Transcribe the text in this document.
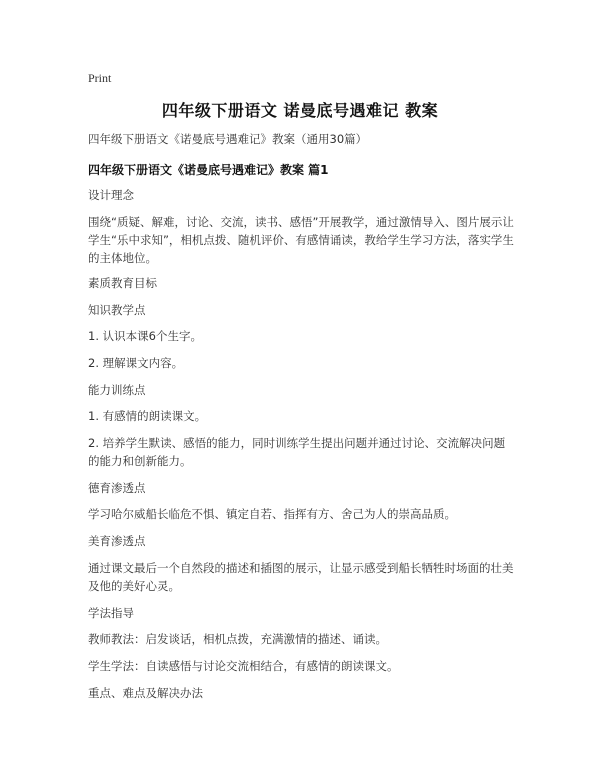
Print
四年级下册语文 诺曼底号遇难记 教案
四年级下册语文《诺曼底号遇难记》教案（通用30篇）
四年级下册语文《诺曼底号遇难记》教案 篇1
设计理念
围绕“质疑、解难，讨论、交流，读书、感悟”开展教学，通过激情导入、图片展示让学生“乐中求知”，相机点拨、随机评价、有感情诵读，教给学生学习方法，落实学生的主体地位。
素质教育目标
知识教学点
1. 认识本课6个生字。
2. 理解课文内容。
能力训练点
1. 有感情的朗读课文。
2. 培养学生默读、感悟的能力，同时训练学生提出问题并通过讨论、交流解决问题的能力和创新能力。
德育渗透点
学习哈尔威船长临危不惧、镇定自若、指挥有方、舍己为人的崇高品质。
美育渗透点
通过课文最后一个自然段的描述和插图的展示，让显示感受到船长牺牲时场面的壮美及他的美好心灵。
学法指导
教师教法：启发谈话，相机点拨，充满激情的描述、诵读。
学生学法：自读感悟与讨论交流相结合，有感情的朗读课文。
重点、难点及解决办法
